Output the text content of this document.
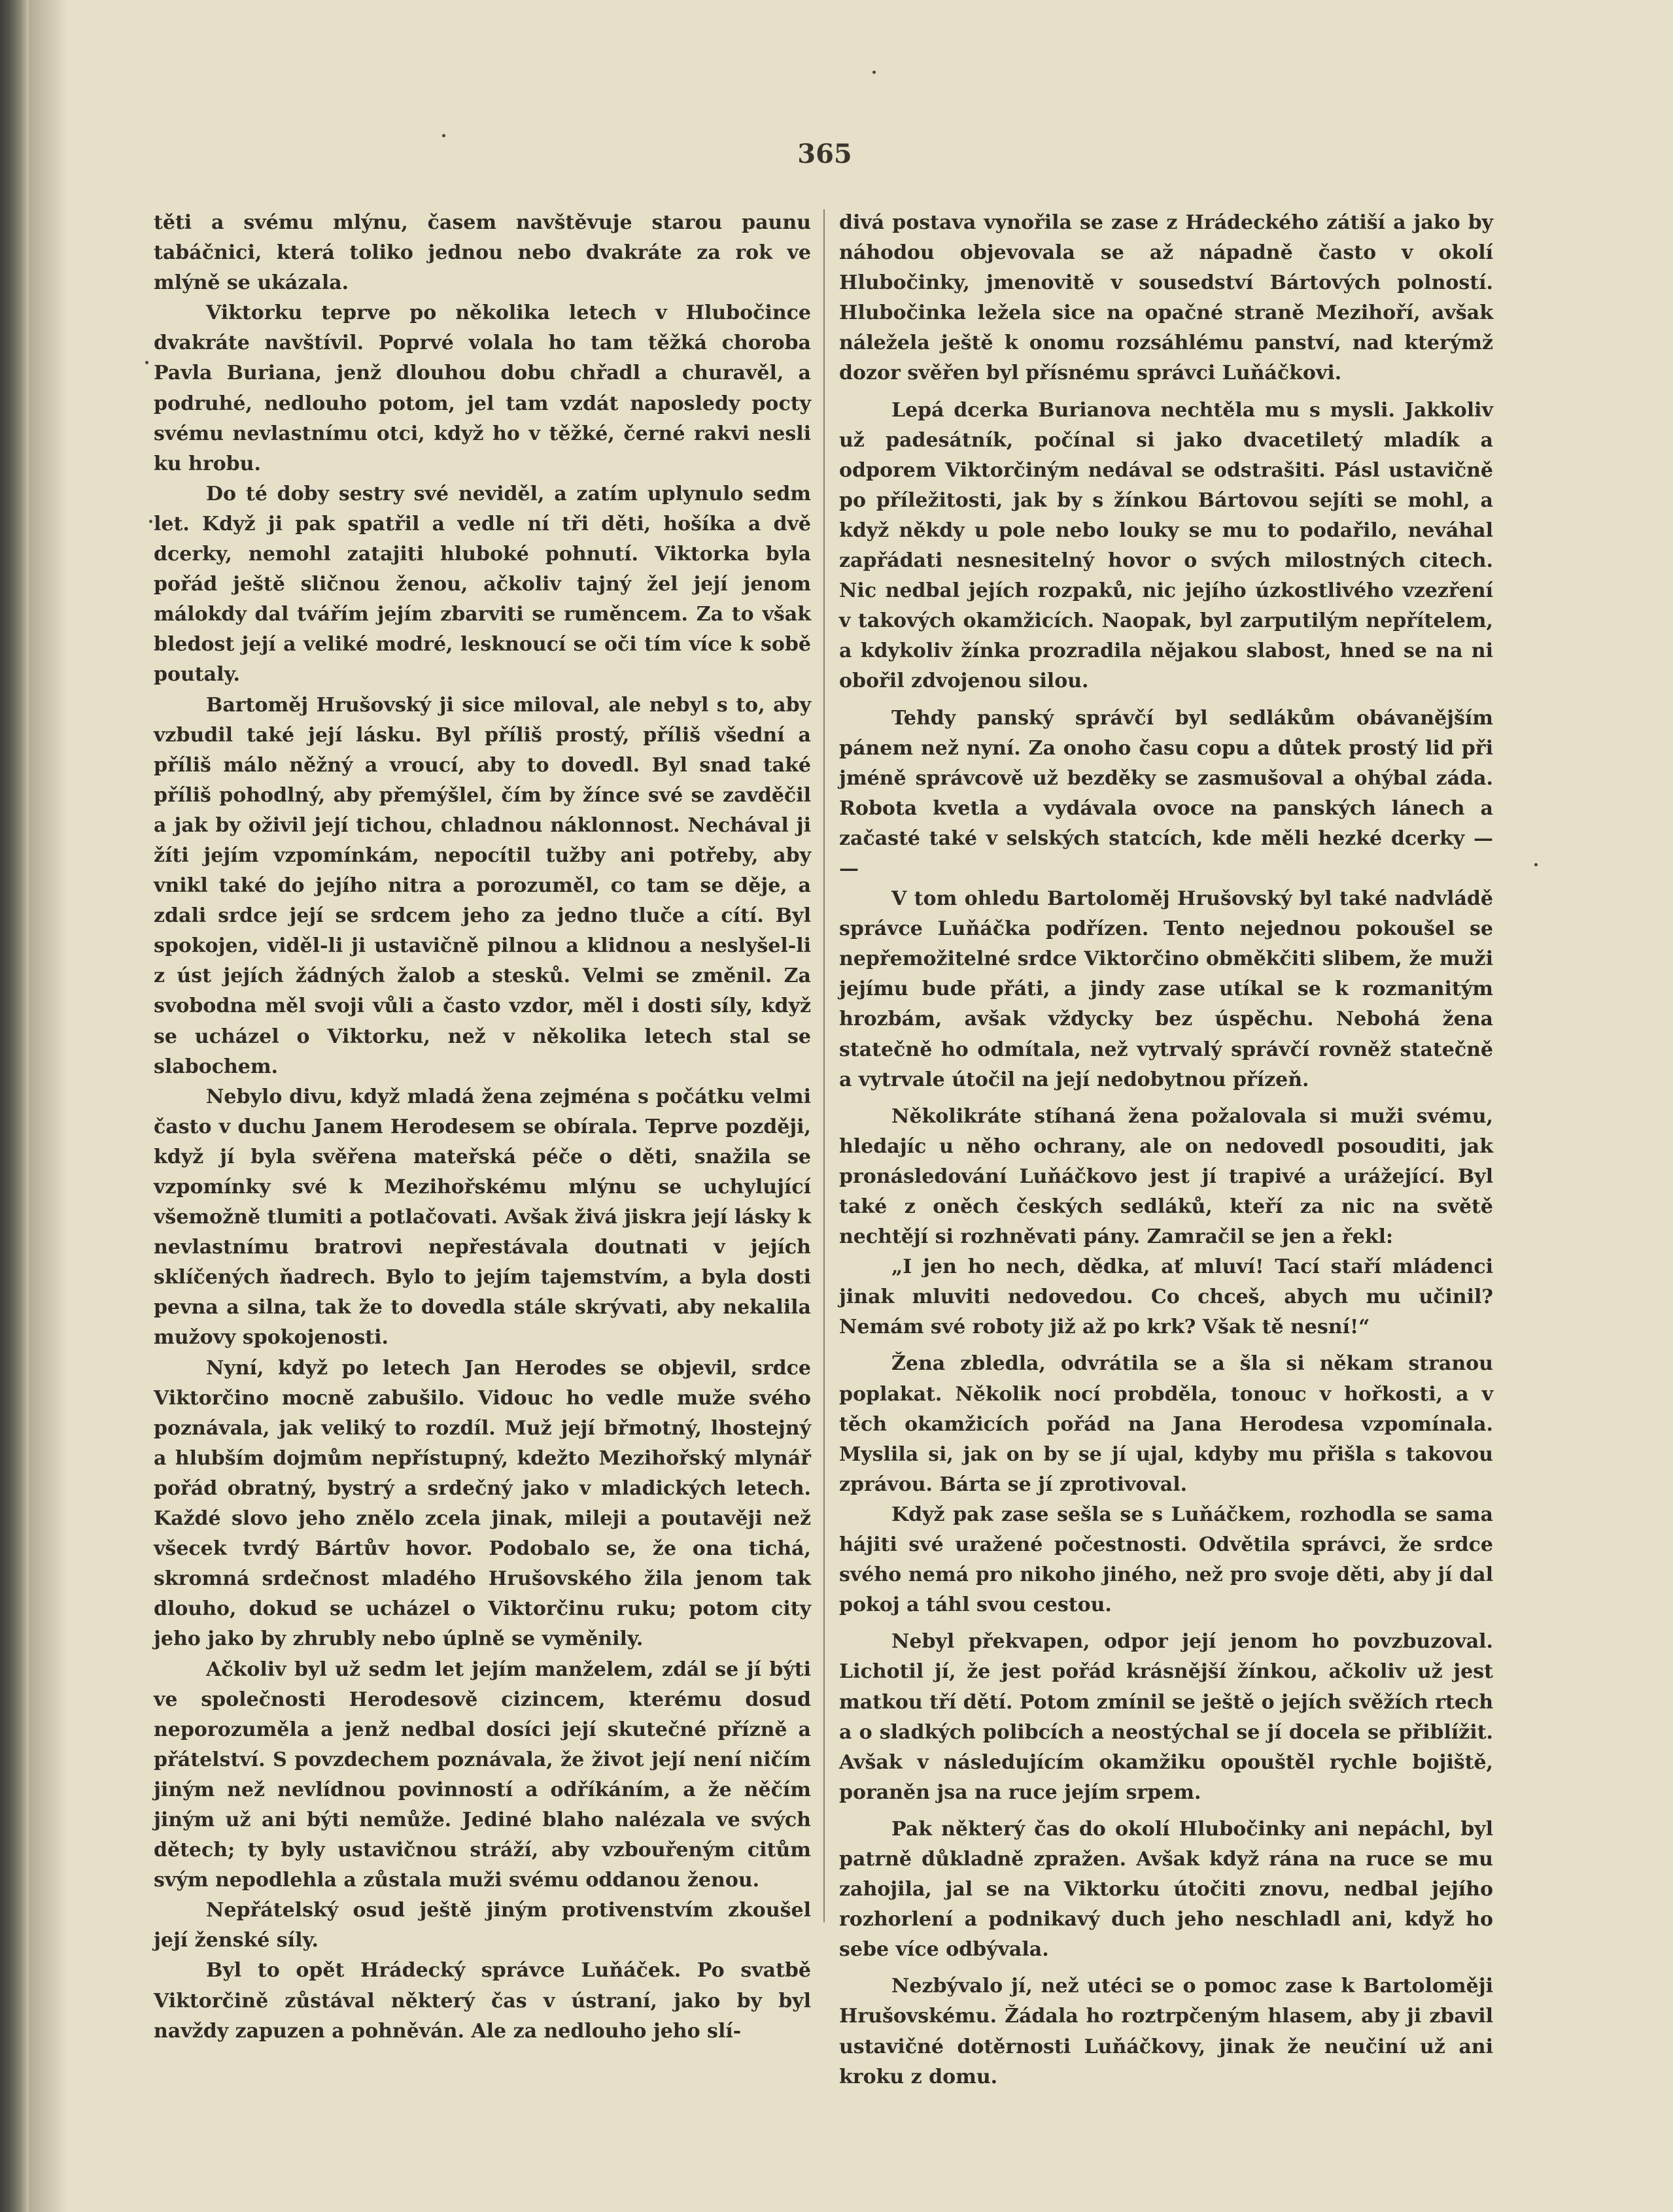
365

těti a svému mlýnu, časem navštěvuje starou paunu tabáčnici, která toliko jednou nebo dvakráte za rok ve mlýně se ukázala.

Viktorku teprve po několika letech v Hlubočince dvakráte navštívil. Poprvé volala ho tam těžká choroba Pavla Buriana, jenž dlouhou dobu chřadl a churavěl, a podruhé, nedlouho potom, jel tam vzdát naposledy pocty svému nevlastnímu otci, když ho v těžké, černé rakvi nesli ku hrobu.

Do té doby sestry své neviděl, a zatím uplynulo sedm let. Když ji pak spatřil a vedle ní tři děti, hošíka a dvě dcerky, nemohl zatajiti hluboké pohnutí. Viktorka byla pořád ještě sličnou ženou, ačkoliv tajný žel její jenom málokdy dal tvářím jejím zbarviti se ruměncem. Za to však bledost její a veliké modré, lesknoucí se oči tím více k sobě poutaly.

Bartoměj Hrušovský ji sice miloval, ale nebyl s to, aby vzbudil také její lásku. Byl příliš prostý, příliš všední a příliš málo něžný a vroucí, aby to dovedl. Byl snad také příliš pohodlný, aby přemýšlel, čím by žínce své se zavděčil a jak by oživil její tichou, chladnou náklonnost. Nechával ji žíti jejím vzpomínkám, nepocítil tužby ani potřeby, aby vnikl také do jejího nitra a porozuměl, co tam se děje, a zdali srdce její se srdcem jeho za jedno tluče a cítí. Byl spokojen, viděl-li ji ustavičně pilnou a klidnou a neslyšel-li z úst jejích žádných žalob a stesků. Velmi se změnil. Za svobodna měl svoji vůli a často vzdor, měl i dosti síly, když se ucházel o Viktorku, než v několika letech stal se slabochem.

Nebylo divu, když mladá žena zejména s počátku velmi často v duchu Janem Herodesem se obírala. Teprve později, když jí byla svěřena mateřská péče o děti, snažila se vzpomínky své k Mezihořskému mlýnu se uchylující všemožně tlumiti a potlačovati. Avšak živá jiskra její lásky k nevlastnímu bratrovi nepřestávala doutnati v jejích sklíčených ňadrech. Bylo to jejím tajemstvím, a byla dosti pevna a silna, tak že to dovedla stále skrývati, aby nekalila mužovy spokojenosti.

Nyní, když po letech Jan Herodes se objevil, srdce Viktorčino mocně zabušilo. Vidouc ho vedle muže svého poznávala, jak veliký to rozdíl. Muž její břmotný, lhostejný a hlubším dojmům nepřístupný, kdežto Mezihořský mlynář pořád obratný, bystrý a srdečný jako v mladických letech. Každé slovo jeho znělo zcela jinak, mileji a poutavěji než všecek tvrdý Bártův hovor. Podobalo se, že ona tichá, skromná srdečnost mladého Hrušovského žila jenom tak dlouho, dokud se ucházel o Viktorčinu ruku; potom city jeho jako by zhrubly nebo úplně se vyměnily.

Ačkoliv byl už sedm let jejím manželem, zdál se jí býti ve společnosti Herodesově cizincem, kterému dosud neporozuměla a jenž nedbal dosíci její skutečné přízně a přátelství. S povzdechem poznávala, že život její není ničím jiným než nevlídnou povinností a odříkáním, a že něčím jiným už ani býti nemůže. Jediné blaho nalézala ve svých dětech; ty byly ustavičnou stráží, aby vzbouřeným citům svým nepodlehla a zůstala muži svému oddanou ženou.

Nepřátelský osud ještě jiným protivenstvím zkoušel její ženské síly.

Byl to opět Hrádecký správce Luňáček. Po svatbě Viktorčině zůstával některý čas v ústraní, jako by byl navždy zapuzen a pohněván. Ale za nedlouho jeho slí-

divá postava vynořila se zase z Hrádeckého zátiší a jako by náhodou objevovala se až nápadně často v okolí Hlubočinky, jmenovitě v sousedství Bártových polností. Hlubočinka ležela sice na opačné straně Mezihoří, avšak náležela ještě k onomu rozsáhlému panství, nad kterýmž dozor svěřen byl přísnému správci Luňáčkovi.

Lepá dcerka Burianova nechtěla mu s mysli. Jakkoliv už padesátník, počínal si jako dvacetiletý mladík a odporem Viktorčiným nedával se odstrašiti. Pásl ustavičně po příležitosti, jak by s žínkou Bártovou sejíti se mohl, a když někdy u pole nebo louky se mu to podařilo, neváhal zapřádati nesnesitelný hovor o svých milostných citech. Nic nedbal jejích rozpaků, nic jejího úzkostlivého vzezření v takových okamžicích. Naopak, byl zarputilým nepřítelem, a kdykoliv žínka prozradila nějakou slabost, hned se na ni obořil zdvojenou silou.

Tehdy panský správčí byl sedlákům obávanějším pánem než nyní. Za onoho času copu a důtek prostý lid při jméně správcově už bezděky se zasmušoval a ohýbal záda. Robota kvetla a vydávala ovoce na panských lánech a začasté také v selských statcích, kde měli hezké dcerky — —

V tom ohledu Bartoloměj Hrušovský byl také nadvládě správce Luňáčka podřízen. Tento nejednou pokoušel se nepřemožitelné srdce Viktorčino obměkčiti slibem, že muži jejímu bude přáti, a jindy zase utíkal se k rozmanitým hrozbám, avšak vždycky bez úspěchu. Nebohá žena statečně ho odmítala, než vytrvalý správčí rovněž statečně a vytrvale útočil na její nedobytnou přízeň.

Několikráte stíhaná žena požalovala si muži svému, hledajíc u něho ochrany, ale on nedovedl posouditi, jak pronásledování Luňáčkovo jest jí trapivé a urážející. Byl také z oněch českých sedláků, kteří za nic na světě nechtějí si rozhněvati pány. Zamračil se jen a řekl:

„I jen ho nech, dědka, ať mluví! Tací staří mládenci jinak mluviti nedovedou. Co chceš, abych mu učinil? Nemám své roboty již až po krk? Však tě nesní!“

Žena zbledla, odvrátila se a šla si někam stranou poplakat. Několik nocí probděla, tonouc v hořkosti, a v těch okamžicích pořád na Jana Herodesa vzpomínala. Myslila si, jak on by se jí ujal, kdyby mu přišla s takovou zprávou. Bárta se jí zprotivoval.

Když pak zase sešla se s Luňáčkem, rozhodla se sama hájiti své uražené počestnosti. Odvětila správci, že srdce svého nemá pro nikoho jiného, než pro svoje děti, aby jí dal pokoj a táhl svou cestou.

Nebyl překvapen, odpor její jenom ho povzbuzoval. Lichotil jí, že jest pořád krásnější žínkou, ačkoliv už jest matkou tří dětí. Potom zmínil se ještě o jejích svěžích rtech a o sladkých polibcích a neostýchal se jí docela se přiblížit. Avšak v následujícím okamžiku opouštěl rychle bojiště, poraněn jsa na ruce jejím srpem.

Pak některý čas do okolí Hlubočinky ani nepáchl, byl patrně důkladně zpražen. Avšak když rána na ruce se mu zahojila, jal se na Viktorku útočiti znovu, nedbal jejího rozhorlení a podnikavý duch jeho neschladl ani, když ho sebe více odbývala.

Nezbývalo jí, než utéci se o pomoc zase k Bartoloměji Hrušovskému. Žádala ho roztrpčeným hlasem, aby ji zbavil ustavičné dotěrnosti Luňáčkovy, jinak že neučiní už ani kroku z domu.
